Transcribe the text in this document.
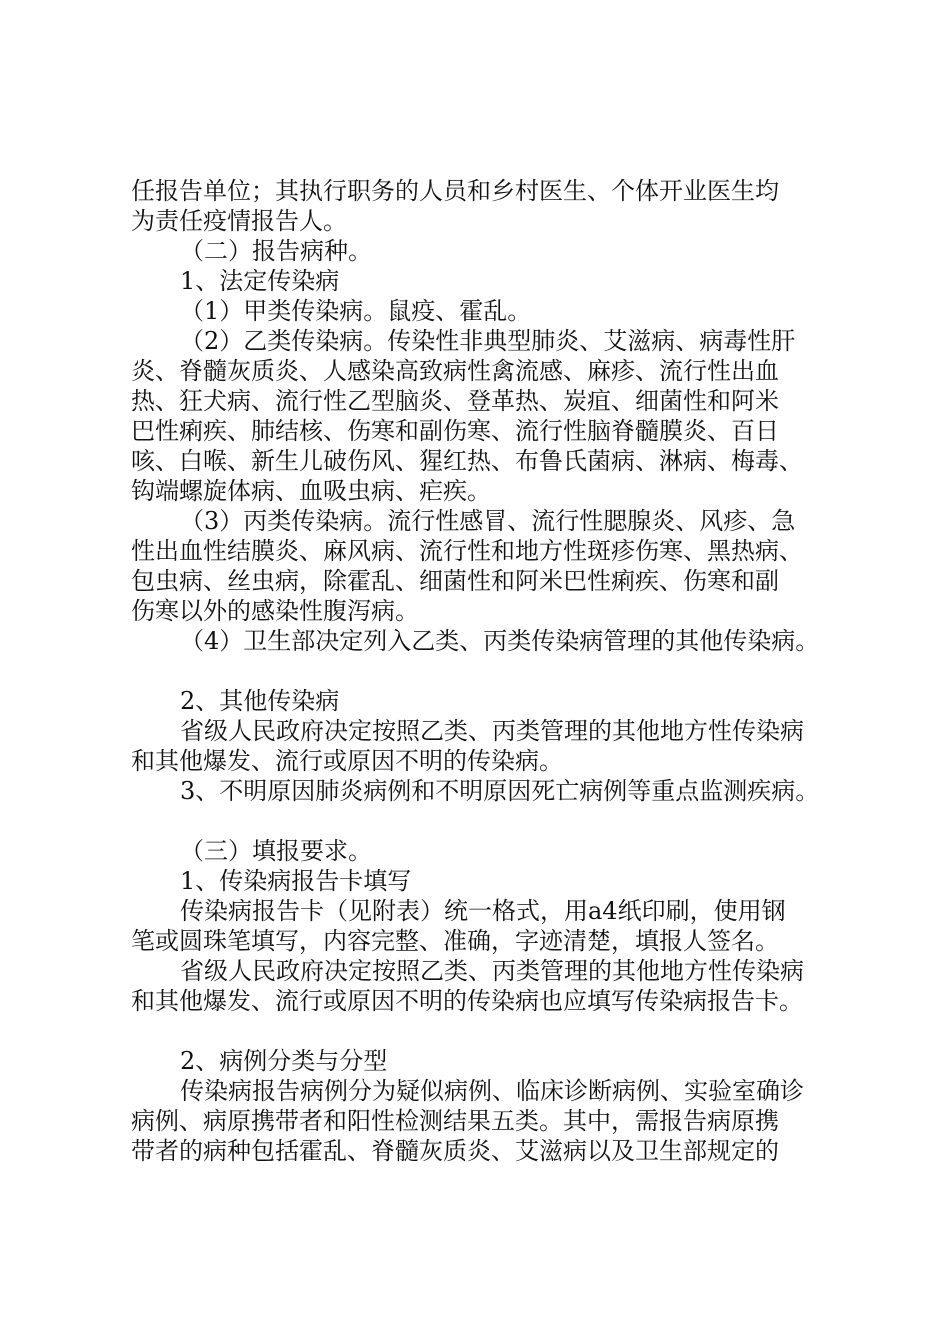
任报告单位；其执行职务的人员和乡村医生、个体开业医生均
为责任疫情报告人。
（二）报告病种。
1、法定传染病
（1）甲类传染病。鼠疫、霍乱。
（2）乙类传染病。传染性非典型肺炎、艾滋病、病毒性肝
炎、脊髓灰质炎、人感染高致病性禽流感、麻疹、流行性出血
热、狂犬病、流行性乙型脑炎、登革热、炭疽、细菌性和阿米
巴性痢疾、肺结核、伤寒和副伤寒、流行性脑脊髓膜炎、百日
咳、白喉、新生儿破伤风、猩红热、布鲁氏菌病、淋病、梅毒、
钩端螺旋体病、血吸虫病、疟疾。
（3）丙类传染病。流行性感冒、流行性腮腺炎、风疹、急
性出血性结膜炎、麻风病、流行性和地方性斑疹伤寒、黑热病、
包虫病、丝虫病，除霍乱、细菌性和阿米巴性痢疾、伤寒和副
伤寒以外的感染性腹泻病。
（4）卫生部决定列入乙类、丙类传染病管理的其他传染病。
2、其他传染病
省级人民政府决定按照乙类、丙类管理的其他地方性传染病
和其他爆发、流行或原因不明的传染病。
3、不明原因肺炎病例和不明原因死亡病例等重点监测疾病。
（三）填报要求。
1、传染病报告卡填写
传染病报告卡（见附表）统一格式，用a4纸印刷，使用钢
笔或圆珠笔填写，内容完整、准确，字迹清楚，填报人签名。
省级人民政府决定按照乙类、丙类管理的其他地方性传染病
和其他爆发、流行或原因不明的传染病也应填写传染病报告卡。
2、病例分类与分型
传染病报告病例分为疑似病例、临床诊断病例、实验室确诊
病例、病原携带者和阳性检测结果五类。其中，需报告病原携
带者的病种包括霍乱、脊髓灰质炎、艾滋病以及卫生部规定的
